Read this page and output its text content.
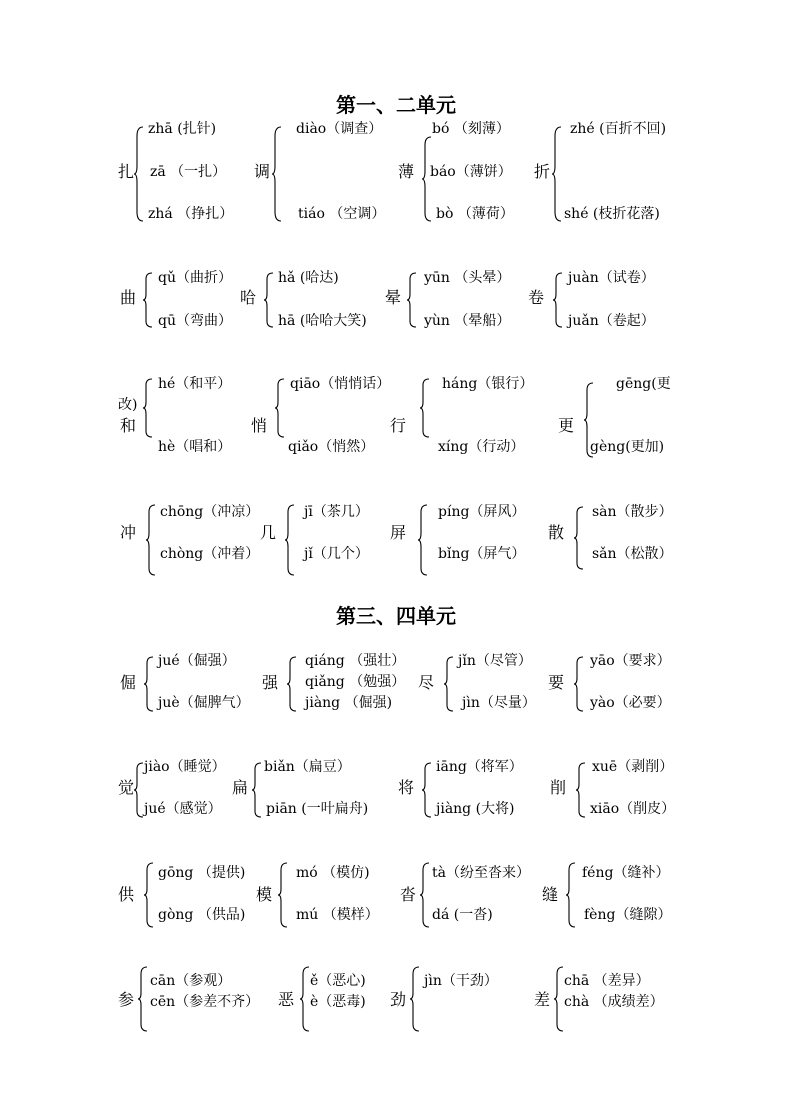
第一、二单元
第三、四单元
扎
zhā (扎针)
zā （一扎）
zhá （挣扎）
调
diào（调查）
tiáo （空调）
薄
bó （刻薄）
báo（薄饼）
bò （薄荷）
折
zhé (百折不回)
shé (枝折花落)
曲
qǔ（曲折）
qū（弯曲）
哈
hǎ (哈达)
hā (哈哈大笑)
晕
yūn （头晕）
yùn （晕船）
卷
juàn（试卷）
juǎn（卷起）
改)
和
hé（和平）
hè（唱和）
悄
qiāo（悄悄话）
qiǎo（悄然）
行
háng（银行）
xíng（行动）
更
gēng(更
gèng(更加)
冲
chōng（冲凉）
chòng（冲着）
几
jī（茶几）
jǐ（几个）
屏
píng（屏风）
bǐng（屏气）
散
sàn（散步）
sǎn（松散）
倔
jué（倔强）
juè（倔脾气）
强
qiáng （强壮）
qiǎng （勉强）
jiàng （倔强)
尽
jǐn（尽管）
jìn（尽量）
要
yāo（要求）
yào（必要）
觉
jiào（睡觉）
jué（感觉）
扁
biǎn（扁豆）
piān (一叶扁舟)
将
iāng（将军）
jiàng (大将)
削
xuē（剥削）
xiāo（削皮）
供
gōng （提供)
gòng （供品)
模
mó （模仿)
mú （模样）
沓
tà（纷至沓来）
dá (一沓)
缝
féng（缝补）
fèng（缝隙）
参
cān（参观）
cēn（参差不齐） 恶
ě（恶心)
è（恶毒) 劲
jìn（干劲）
差
chā （差异）
chà （成绩差）
